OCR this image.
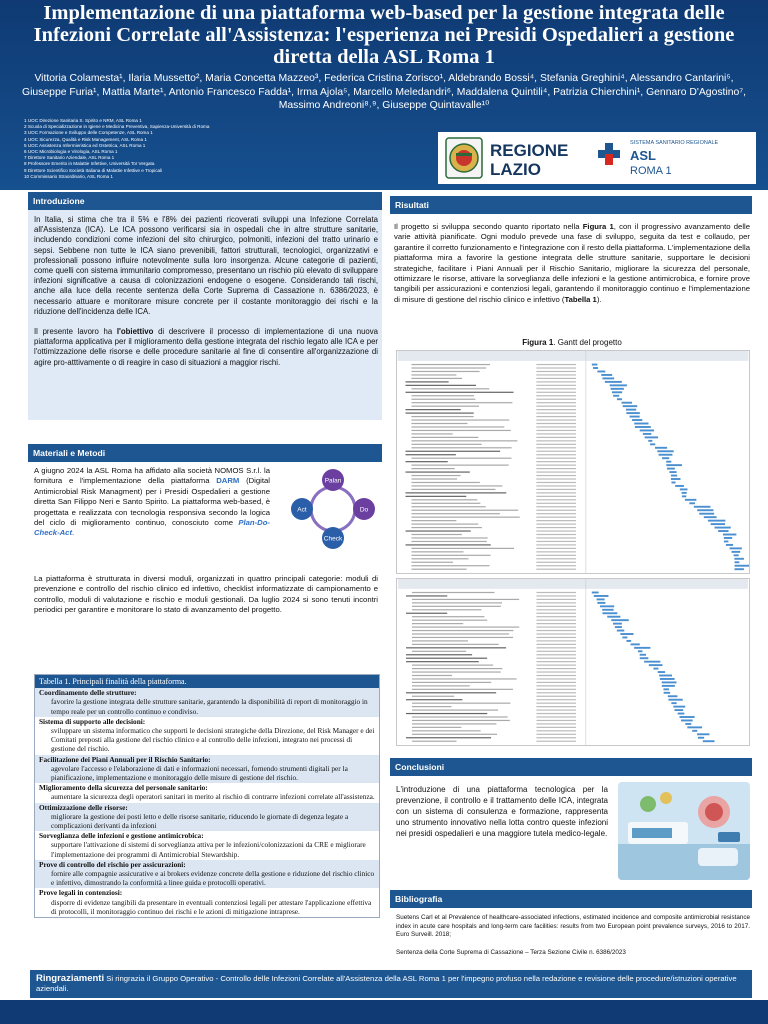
Implementazione di una piattaforma web-based per la gestione integrata delle Infezioni Correlate all'Assistenza: l'esperienza nei Presidi Ospedalieri a gestione diretta della ASL Roma 1
Vittoria Colamesta¹, Ilaria Mussetto², Maria Concetta Mazzeo³, Federica Cristina Zorisco¹, Aldebrando Bossi⁴, Stefania Greghini⁴, Alessandro Cantarini⁵, Giuseppe Furia¹, Mattia Marte¹, Antonio Francesco Fadda¹, Irma Ajola⁵, Marcello Meledandri⁶, Maddalena Quintili⁴, Patrizia Chierchini¹, Gennaro D'Agostino⁷, Massimo Andreoni⁸˒⁹, Giuseppe Quintavalle¹⁰
1 UOC Direzione Sanitaria S. Spirito e NRM, ASL Roma 1
2 Scuola di Specializzazione in Igiene e Medicina Preventiva, Sapienza-Università di Roma
3 UOC Formazione e Sviluppo delle Competenze, ASL Roma 1
4 UOC Sicurezza, Qualità e Risk Management, ASL Roma 1
5 UOC Assistenza Infermieristica ed Ostetrica, ASL Roma 1
6 UOC Microbiologia e Virologia, ASL Roma 1
7 Direttore Sanitario Aziendale, ASL Roma 1
8 Professore Emerito in Malattie Infettive, Università Tor Vergata
9 Direttore Scientifico Società Italiana di Malattie Infettive e Tropicali
10 Commissario Straordinario, ASL Roma 1
REGIONE
LAZIO
SISTEMA SANITARIO REGIONALE
ASL
ROMA 1
Introduzione

In Italia, si stima che tra il 5% e l'8% dei pazienti ricoverati sviluppi una Infezione Correlata all'Assistenza (ICA). Le ICA possono verificarsi sia in ospedali che in altre strutture sanitarie, includendo condizioni come infezioni del sito chirurgico, polmoniti, infezioni del tratto urinario e sepsi. Sebbene non tutte le ICA siano prevenibili, fattori strutturali, tecnologici, organizzativi e professionali possono influire notevolmente sulla loro insorgenza. Alcune categorie di pazienti, come quelli con sistema immunitario compromesso, presentano un rischio più elevato di sviluppare infezioni significative a causa di colonizzazioni endogene o esogene. Considerando tali rischi, anche alla luce della recente sentenza della Corte Suprema di Cassazione n. 6386/2023, è necessario attuare e monitorare misure concrete per il costante monitoraggio dei rischi e la riduzione dell'incidenza delle ICA.

Il presente lavoro ha l'obiettivo di descrivere il processo di implementazione di una nuova piattaforma applicativa per il miglioramento della gestione integrata del rischio legato alle ICA e per l'ottimizzazione delle risorse e delle procedure sanitarie al fine di consentire all'organizzazione di agire pro-atttivamente o di reagire in caso di situazioni a maggior rischi.

Materiali e Metodi
A giugno 2024 la ASL Roma ha affidato alla società NOMOS S.r.l. la fornitura e l'implementazione della piattaforma DARM (Digital Antimicrobial Risk Managment) per i Presidi Ospedalieri a gestione diretta San Filippo Neri e Santo Spirito. La piattaforma web-based, è progettata e realizzata con tecnologia responsiva secondo la logica del ciclo di miglioramento continuo, conosciuto come Plan-Do-Check-Act.
Palan
Do
Check
Act
La piattaforma è strutturata in diversi moduli, organizzati in quattro principali categorie: moduli di prevenzione e controllo del rischio clinico ed infettivo, checklist informatizzate di campionamento e controllo, moduli di valutazione e rischio e moduli gestionali. Da luglio 2024 si sono tenuti incontri periodici per garantire e monitorare lo stato di avanzamento del progetto.
Tabella 1. Principali finalità della piattaforma.
Coordinamento delle strutture:
favorire la gestione integrata delle strutture sanitarie, garantendo la disponibilità di report di monitoraggio in tempo reale per un controllo continuo e condiviso.
Sistema di supporto alle decisioni:
sviluppare un sistema informatico che supporti le decisioni strategiche della Direzione, del Risk Manager e dei Comitati preposti alla gestione del rischio clinico e al controllo delle infezioni, integrato nei processi di gestione del rischio.
Facilitazione dei Piani Annuali per il Rischio Sanitario:
agevolare l'accesso e l'elaborazione di dati e informazioni necessari, fornendo strumenti digitali per la pianificazione, implementazione e monitoraggio delle misure di gestione del rischio.
Miglioramento della sicurezza del personale sanitario:
aumentare la sicurezza degli operatori sanitari in merito al rischio di contrarre infezioni correlate all'assistenza.
Ottimizzazione delle risorse:
migliorare la gestione dei posti letto e delle risorse sanitarie, riducendo le giornate di degenza legate a complicazioni derivanti da infezioni
Sorveglianza delle infezioni e gestione antimicrobica:
supportare l'attivazione di sistemi di sorveglianza attiva per le infezioni/colonizzazioni da CRE e migliorare l'implementazione dei programmi di Antimicrobial Stewardship.
Prove di controllo del rischio per assicurazioni:
fornire alle compagnie assicurative e ai brokers evidenze concrete della gestione e riduzione del rischio clinico e infettivo, dimostrando la conformità a linee guida e protocolli operativi.
Prove legali in contenziosi:
disporre di evidenze tangibili da presentare in eventuali contenziosi legali per attestare l'applicazione effettiva di protocolli, il monitoraggio continuo dei rischi e le azioni di mitigazione intraprese.
Risultati
Il progetto si sviluppa secondo quanto riportato nella Figura 1, con il progressivo avanzamento delle varie attività pianificate. Ogni modulo prevede una fase di sviluppo, seguita da test e collaudo, per garantire il corretto funzionamento e l'integrazione con il resto della piattaforma. L'implementazione della piattaforma mira a favorire la gestione integrata delle strutture sanitarie, supportare le decisioni strategiche, facilitare i Piani Annuali per il Rischio Sanitario, migliorare la sicurezza del personale, ottimizzare le risorse, attivare la sorveglianza delle infezioni e la gestione antimicrobica, e fornire prove tangibili per assicurazioni e contenziosi legali, garantendo il monitoraggio continuo e l'implementazione di misure di gestione del rischio clinico e infettivo (Tabella 1).
Figura 1. Gantt del progetto
Conclusioni
L'introduzione di una piattaforma tecnologica per la prevenzione, il controllo e il trattamento delle ICA, integrata con un sistema di consulenza e formazione, rappresenta uno strumento innovativo nella lotta contro queste infezioni nei presidi ospedalieri e una maggiore tutela medico-legale.
Bibliografia

Suetens Carl et al Prevalence of healthcare-associated infections, estimated incidence and composite antimicrobial resistance index in acute care hospitals and long-term care facilities: results from two European point prevalence surveys, 2016 to 2017. Euro Surveill. 2018;

Sentenza della Corte Suprema di Cassazione – Terza Sezione Civile n. 6386/2023

Ringraziamenti Si ringrazia il Gruppo Operativo - Controllo delle Infezioni Correlate all'Assistenza della ASL Roma 1 per l'impegno profuso nella redazione e revisione delle procedure/istruzioni operative aziendali.
